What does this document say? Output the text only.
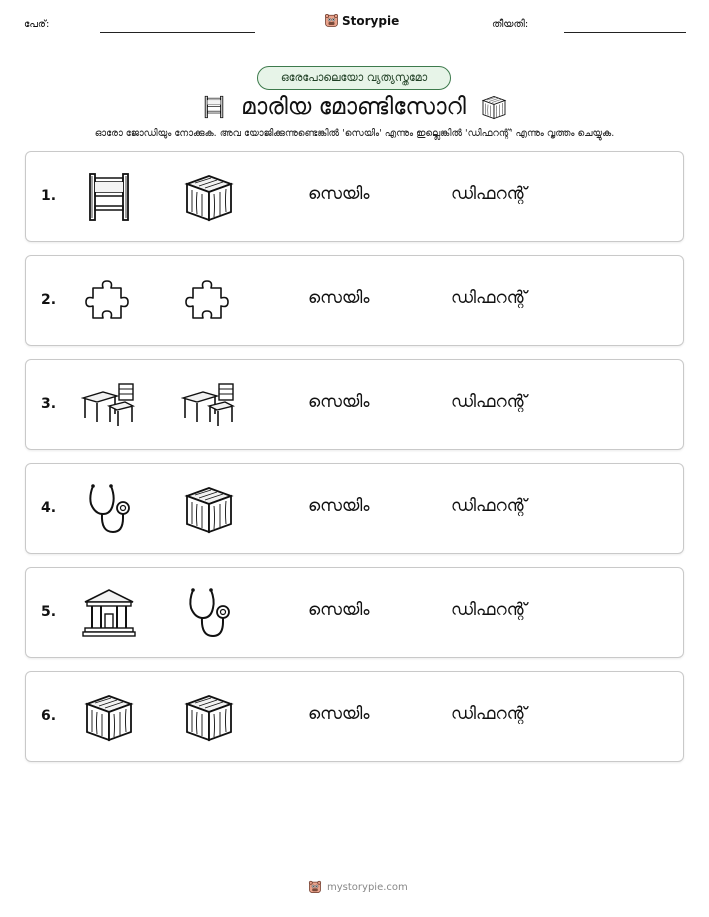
പേര്:	Storypie	തീയതി:
ഒരേപോലെയോ വ്യത്യസ്തമോ
മാരിയ മോണ്ടിസോറി
ഓരോ ജോഡിയും നോക്കുക. അവ യോജിക്കുന്നുണ്ടെങ്കിൽ 'സെയിം' എന്നും ഇല്ലെങ്കിൽ 'ഡിഫറന്റ്' എന്നും വൃത്തം ചെയ്യുക.
1.	സെയിം	ഡിഫറന്റ്
2.	സെയിം	ഡിഫറന്റ്
3.	സെയിം	ഡിഫറന്റ്
4.	സെയിം	ഡിഫറന്റ്
5.	സെയിം	ഡിഫറന്റ്
6.	സെയിം	ഡിഫറന്റ്
mystorypie.com
